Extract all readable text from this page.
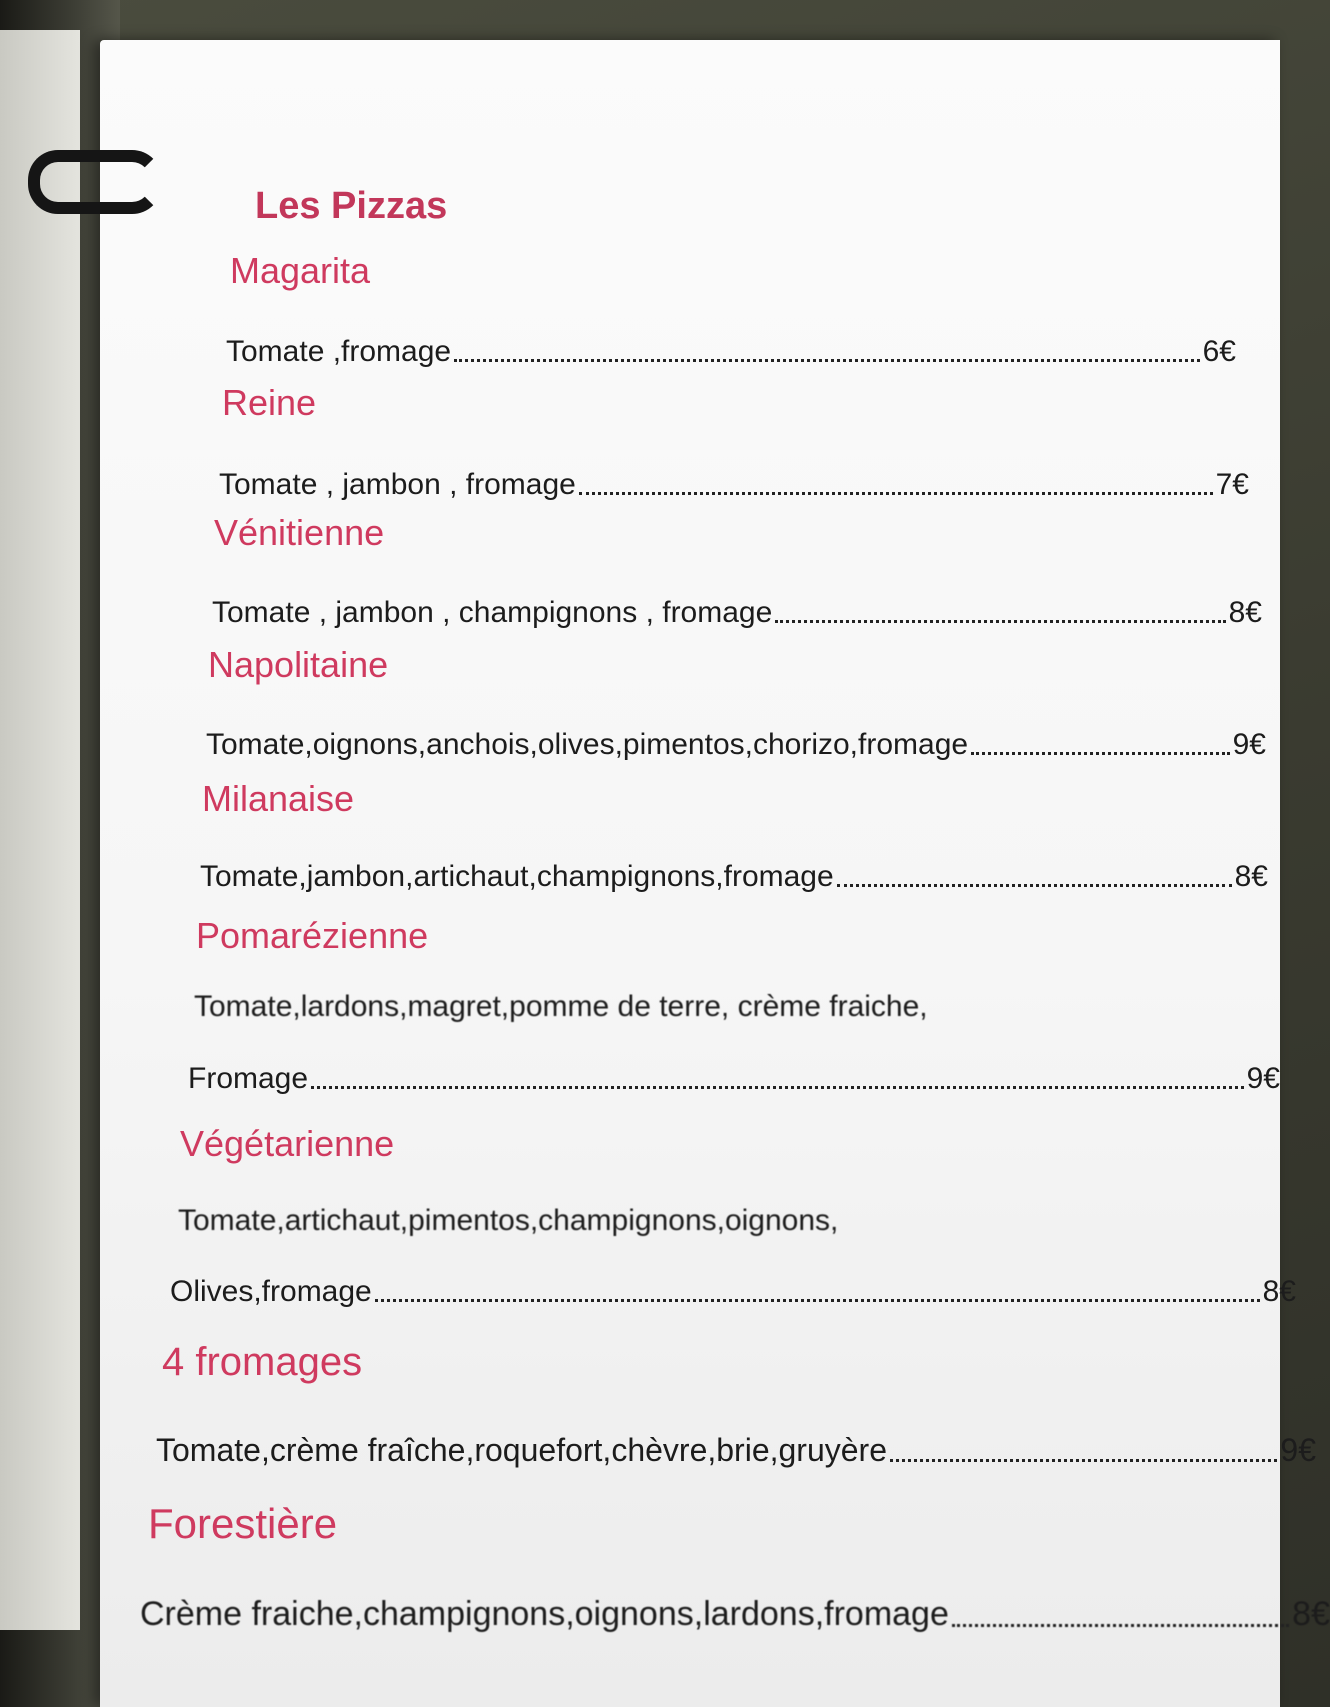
Les Pizzas
Magarita
Tomate ,fromage	6€
Reine
Tomate , jambon , fromage	7€
Vénitienne
Tomate , jambon , champignons , fromage	8€
Napolitaine
Tomate,oignons,anchois,olives,pimentos,chorizo,fromage	9€
Milanaise
Tomate,jambon,artichaut,champignons,fromage	8€
Pomarézienne
Tomate,lardons,magret,pomme de terre, crème fraiche,
Fromage	9€
Végétarienne
Tomate,artichaut,pimentos,champignons,oignons,
Olives,fromage	8€
4 fromages
Tomate,crème fraîche,roquefort,chèvre,brie,gruyère	9€
Forestière
Crème fraiche,champignons,oignons,lardons,fromage	8€
